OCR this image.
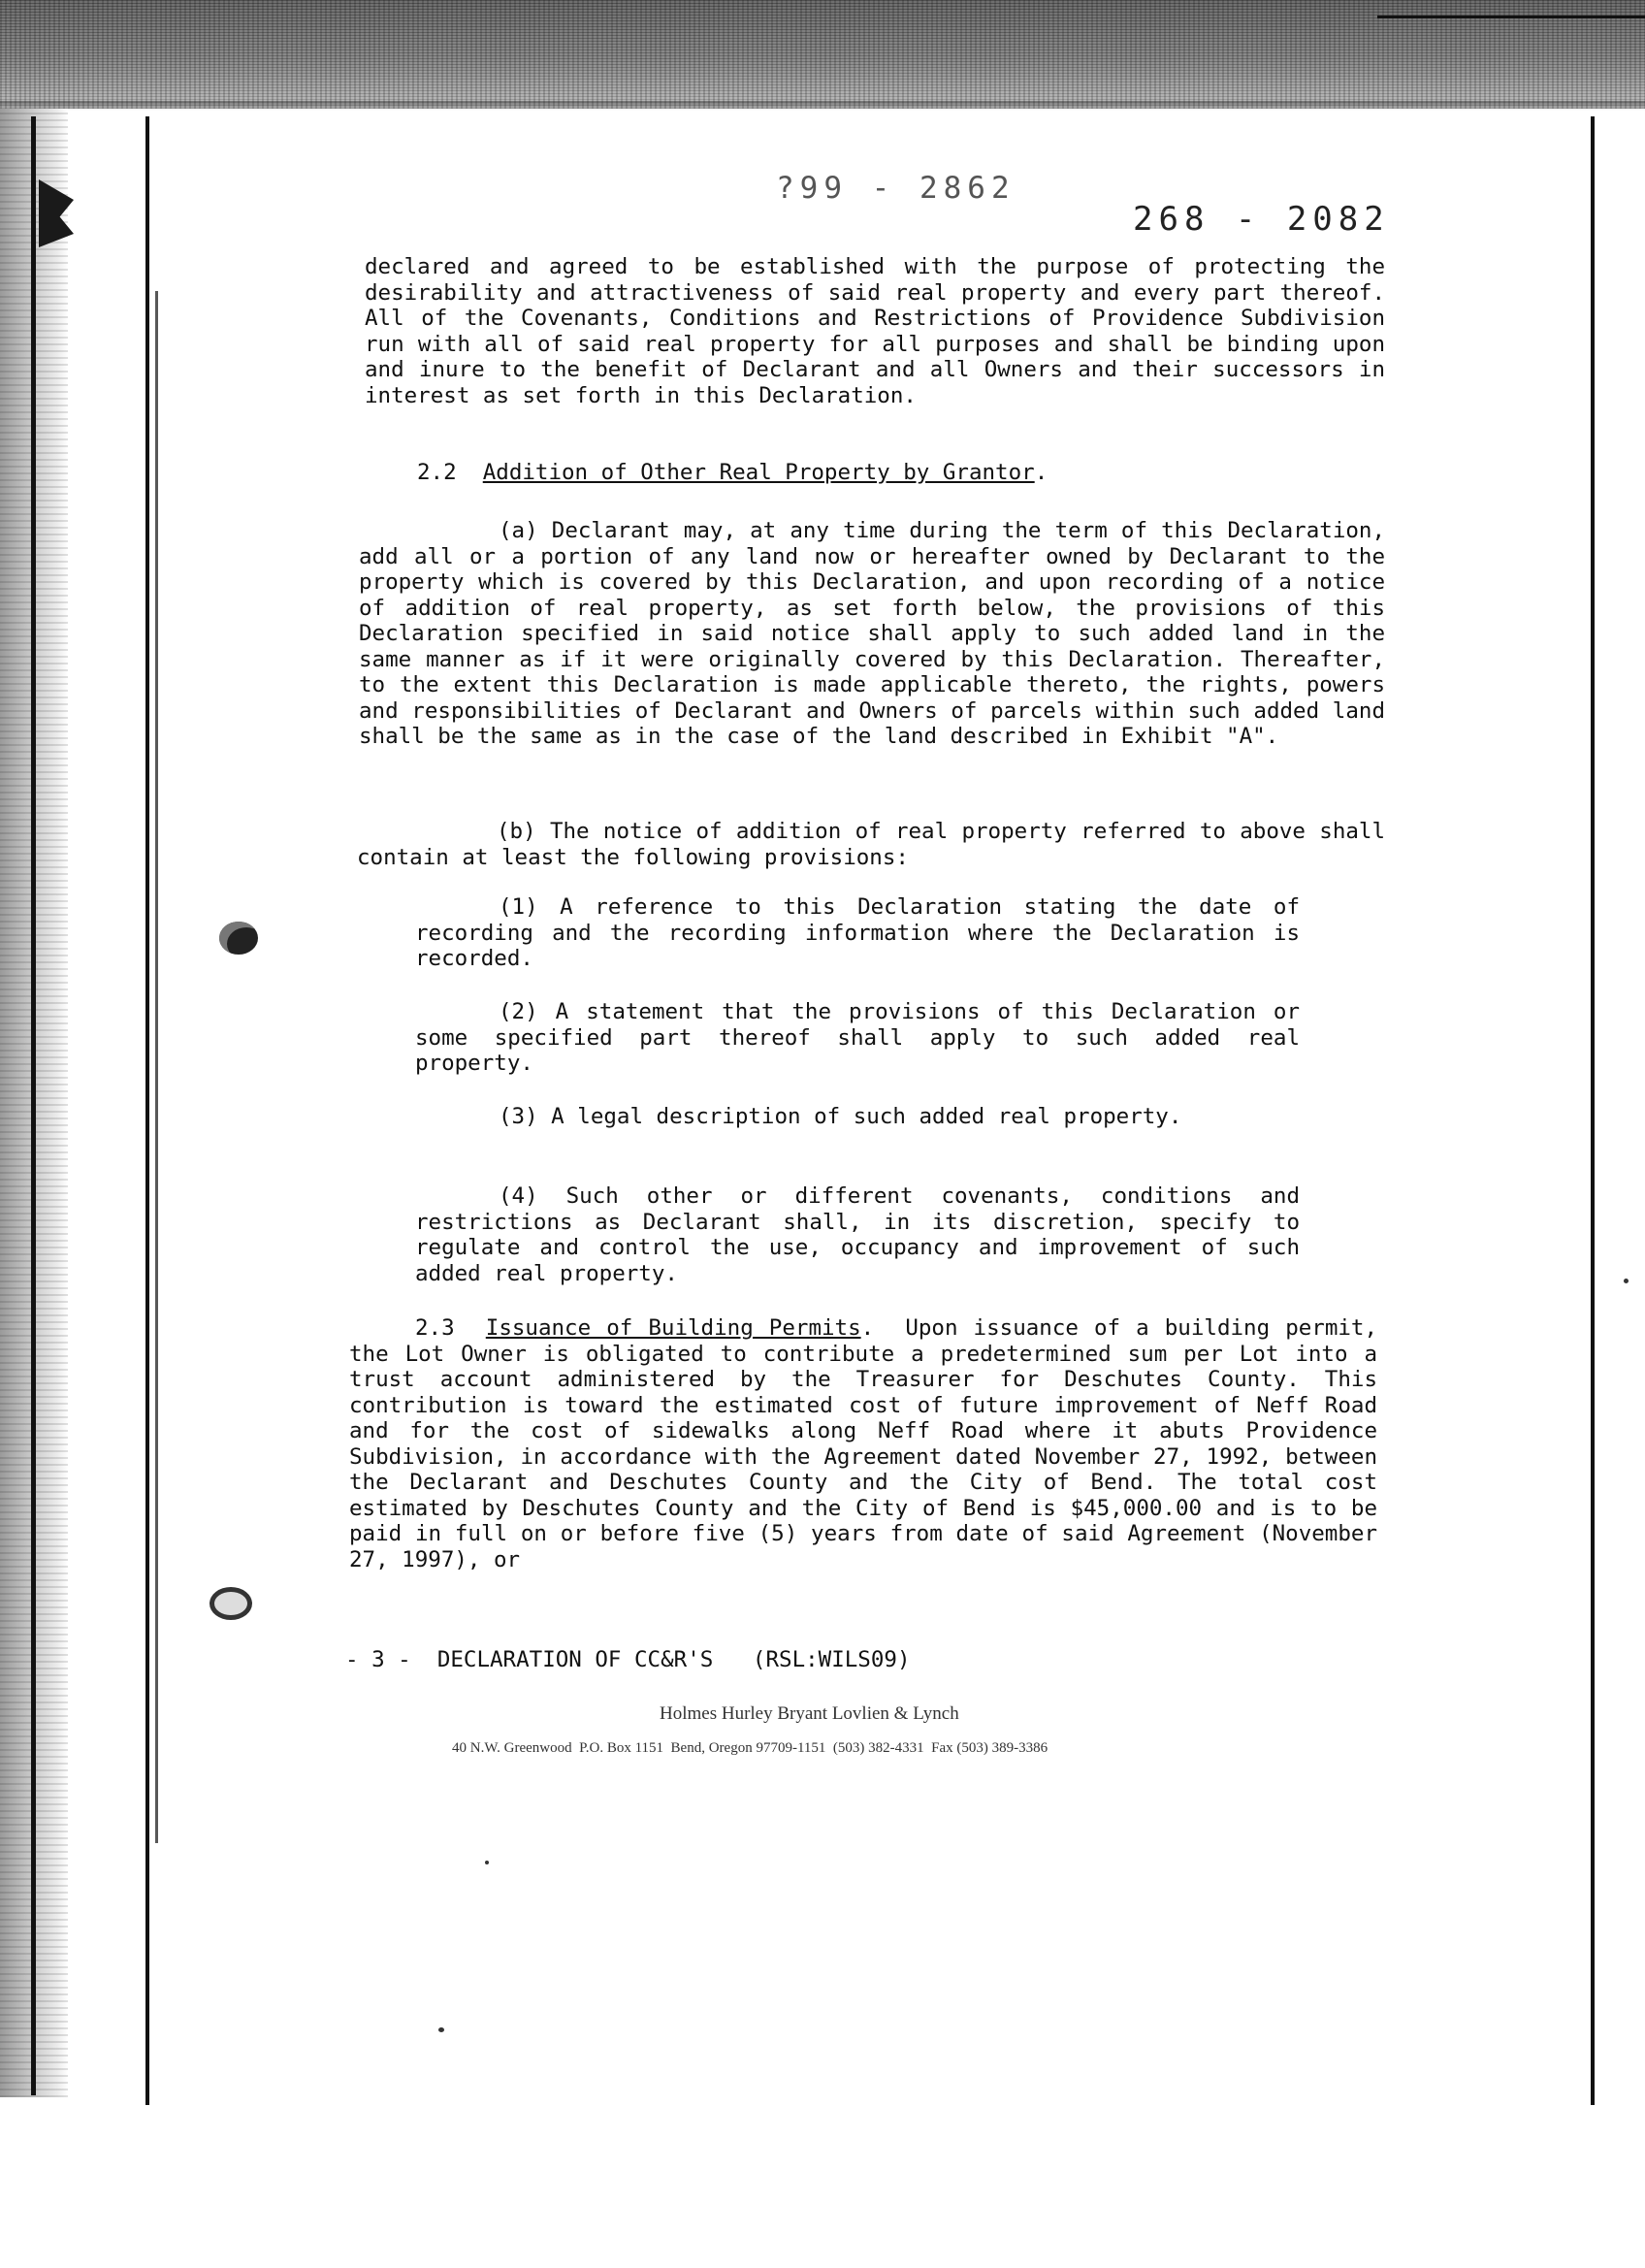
?99 - 2862
268 - 2082

declared and agreed to be established with the purpose of protecting the desirability and attractiveness of said real property and every part thereof. All of the Covenants, Conditions and Restrictions of Providence Subdivision run with all of said real property for all purposes and shall be binding upon and inure to the benefit of Declarant and all Owners and their successors in interest as set forth in this Declaration.

2.2 Addition of Other Real Property by Grantor.

(a) Declarant may, at any time during the term of this Declaration, add all or a portion of any land now or hereafter owned by Declarant to the property which is covered by this Declaration, and upon recording of a notice of addition of real property, as set forth below, the provisions of this Declaration specified in said notice shall apply to such added land in the same manner as if it were originally covered by this Declaration. Thereafter, to the extent this Declaration is made applicable thereto, the rights, powers and responsibilities of Declarant and Owners of parcels within such added land shall be the same as in the case of the land described in Exhibit "A".

(b) The notice of addition of real property referred to above shall contain at least the following provisions:

(1) A reference to this Declaration stating the date of recording and the recording information where the Declaration is recorded.

(2) A statement that the provisions of this Declaration or some specified part thereof shall apply to such added real property.

(3) A legal description of such added real property.

(4) Such other or different covenants, conditions and restrictions as Declarant shall, in its discretion, specify to regulate and control the use, occupancy and improvement of such added real property.

2.3 Issuance of Building Permits. Upon issuance of a building permit, the Lot Owner is obligated to contribute a predetermined sum per Lot into a trust account administered by the Treasurer for Deschutes County. This contribution is toward the estimated cost of future improvement of Neff Road and for the cost of sidewalks along Neff Road where it abuts Providence Subdivision, in accordance with the Agreement dated November 27, 1992, between the Declarant and Deschutes County and the City of Bend. The total cost estimated by Deschutes County and the City of Bend is $45,000.00 and is to be paid in full on or before five (5) years from date of said Agreement (November 27, 1997), or

- 3 -  DECLARATION OF CC&R'S   (RSL:WILS09)
Holmes Hurley Bryant Lovlien & Lynch
40 N.W. Greenwood  P.O. Box 1151  Bend, Oregon 97709-1151  (503) 382-4331  Fax (503) 389-3386
